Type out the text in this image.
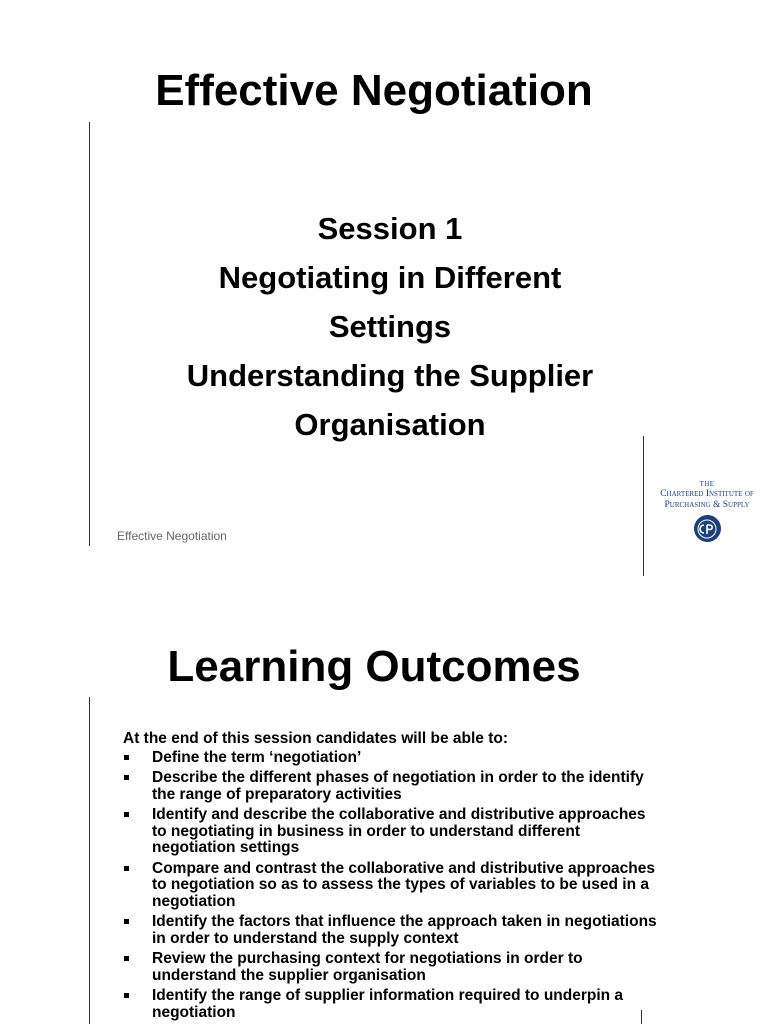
Effective Negotiation
Session 1
Negotiating in Different
Settings
Understanding the Supplier
Organisation
Effective Negotiation
THE
Chartered Institute of
Purchasing & Supply
Learning Outcomes
At the end of this session candidates will be able to:
Define the term ‘negotiation’
Describe the different phases of negotiation in order to the identify the range of preparatory activities
Identify and describe the collaborative and distributive approaches to negotiating in business in order to understand different negotiation settings
Compare and contrast the collaborative and distributive approaches to negotiation so as to assess the types of variables to be used in a negotiation
Identify the factors that influence the approach taken in negotiations in order to understand the supply context
Review the purchasing context for negotiations in order to understand the supplier organisation
Identify the range of supplier information required to underpin a negotiation
